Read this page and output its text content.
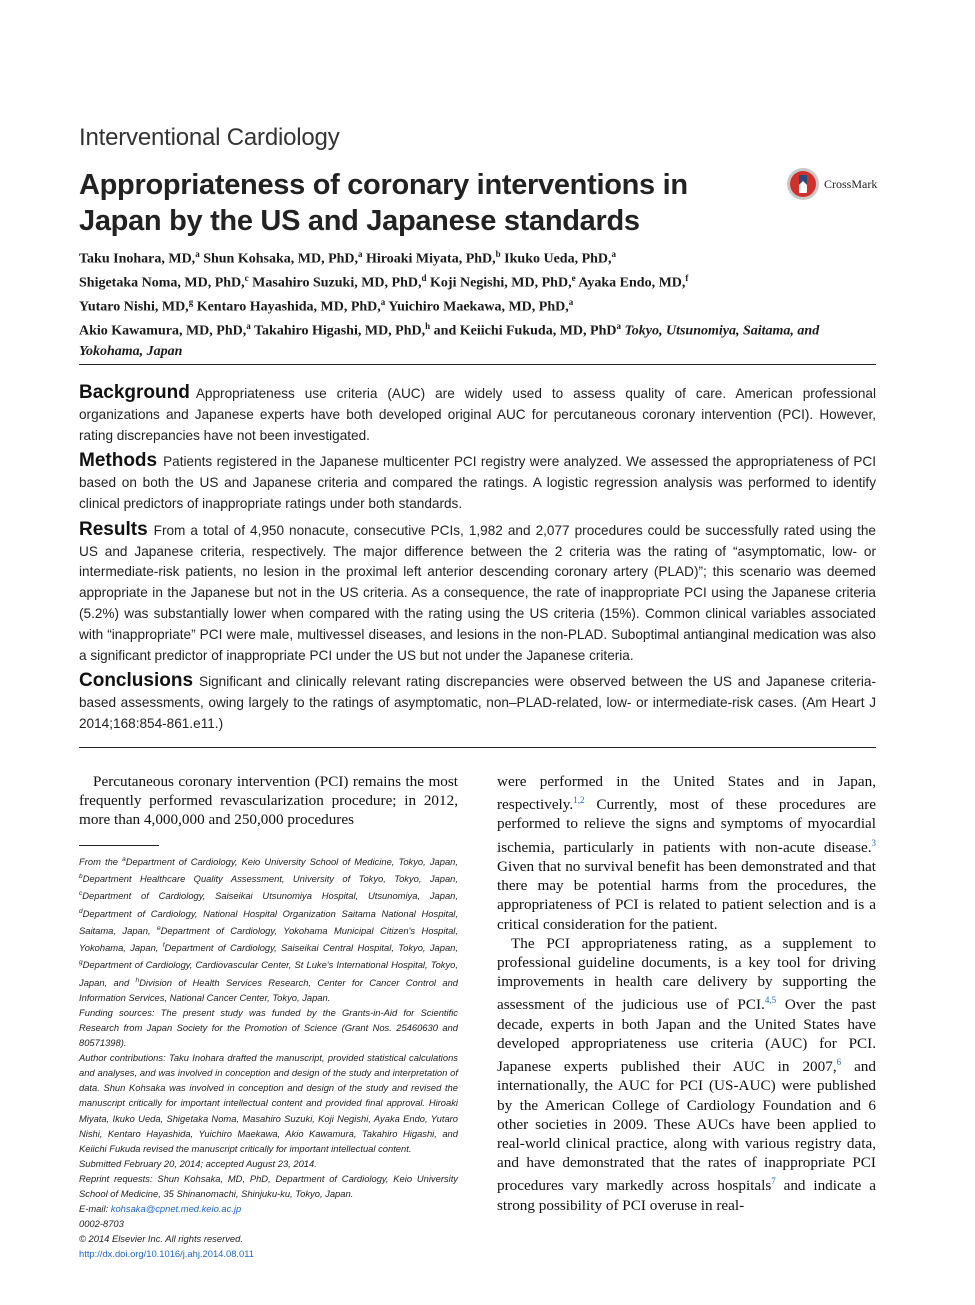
Interventional Cardiology
Appropriateness of coronary interventions in Japan by the US and Japanese standards
CrossMark
Taku Inohara, MD,$^a$ Shun Kohsaka, MD, PhD,$^a$ Hiroaki Miyata, PhD,$^b$ Ikuko Ueda, PhD,$^a$
Shigetaka Noma, MD, PhD,$^c$ Masahiro Suzuki, MD, PhD,$^d$ Koji Negishi, MD, PhD,$^e$ Ayaka Endo, MD,$^f$
Yutaro Nishi, MD,$^g$ Kentaro Hayashida, MD, PhD,$^a$ Yuichiro Maekawa, MD, PhD,$^a$
Akio Kawamura, MD, PhD,$^a$ Takahiro Higashi, MD, PhD,$^h$ and Keiichi Fukuda, MD, PhD$^a$ Tokyo, Utsunomiya, Saitama, and Yokohama, Japan

Background Appropriateness use criteria (AUC) are widely used to assess quality of care. American professional organizations and Japanese experts have both developed original AUC for percutaneous coronary intervention (PCI). However, rating discrepancies have not been investigated.

Methods Patients registered in the Japanese multicenter PCI registry were analyzed. We assessed the appropriateness of PCI based on both the US and Japanese criteria and compared the ratings. A logistic regression analysis was performed to identify clinical predictors of inappropriate ratings under both standards.

Results From a total of 4,950 nonacute, consecutive PCIs, 1,982 and 2,077 procedures could be successfully rated using the US and Japanese criteria, respectively. The major difference between the 2 criteria was the rating of “asymptomatic, low- or intermediate-risk patients, no lesion in the proximal left anterior descending coronary artery (PLAD)”; this scenario was deemed appropriate in the Japanese but not in the US criteria. As a consequence, the rate of inappropriate PCI using the Japanese criteria (5.2%) was substantially lower when compared with the rating using the US criteria (15%). Common clinical variables associated with “inappropriate” PCI were male, multivessel diseases, and lesions in the non-PLAD. Suboptimal antianginal medication was also a significant predictor of inappropriate PCI under the US but not under the Japanese criteria.

Conclusions Significant and clinically relevant rating discrepancies were observed between the US and Japanese criteria-based assessments, owing largely to the ratings of asymptomatic, non–PLAD-related, low- or intermediate-risk cases. (Am Heart J 2014;168:854-861.e11.)

Percutaneous coronary intervention (PCI) remains the most frequently performed revascularization procedure; in 2012, more than 4,000,000 and 250,000 procedures

From the $^a$Department of Cardiology, Keio University School of Medicine, Tokyo, Japan, $^b$Department Healthcare Quality Assessment, University of Tokyo, Tokyo, Japan, $^c$Department of Cardiology, Saiseikai Utsunomiya Hospital, Utsunomiya, Japan, $^d$Department of Cardiology, National Hospital Organization Saitama National Hospital, Saitama, Japan, $^e$Department of Cardiology, Yokohama Municipal Citizen's Hospital, Yokohama, Japan, $^f$Department of Cardiology, Saiseikai Central Hospital, Tokyo, Japan, $^g$Department of Cardiology, Cardiovascular Center, St Luke's International Hospital, Tokyo, Japan, and $^h$Division of Health Services Research, Center for Cancer Control and Information Services, National Cancer Center, Tokyo, Japan.

Funding sources: The present study was funded by the Grants-in-Aid for Scientific Research from Japan Society for the Promotion of Science (Grant Nos. 25460630 and 80571398).

Author contributions: Taku Inohara drafted the manuscript, provided statistical calculations and analyses, and was involved in conception and design of the study and interpretation of data. Shun Kohsaka was involved in conception and design of the study and revised the manuscript critically for important intellectual content and provided final approval. Hiroaki Miyata, Ikuko Ueda, Shigetaka Noma, Masahiro Suzuki, Koji Negishi, Ayaka Endo, Yutaro Nishi, Kentaro Hayashida, Yuichiro Maekawa, Akio Kawamura, Takahiro Higashi, and Keiichi Fukuda revised the manuscript critically for important intellectual content.

Submitted February 20, 2014; accepted August 23, 2014.

Reprint requests: Shun Kohsaka, MD, PhD, Department of Cardiology, Keio University School of Medicine, 35 Shinanomachi, Shinjuku-ku, Tokyo, Japan.

E-mail: kohsaka@cpnet.med.keio.ac.jp

0002-8703

© 2014 Elsevier Inc. All rights reserved.

http://dx.doi.org/10.1016/j.ahj.2014.08.011

were performed in the United States and in Japan, respectively.$^{1,2}$ Currently, most of these procedures are performed to relieve the signs and symptoms of myocardial ischemia, particularly in patients with non-acute disease.$^3$ Given that no survival benefit has been demonstrated and that there may be potential harms from the procedures, the appropriateness of PCI is related to patient selection and is a critical consideration for the patient.

The PCI appropriateness rating, as a supplement to professional guideline documents, is a key tool for driving improvements in health care delivery by supporting the assessment of the judicious use of PCI.$^{4,5}$ Over the past decade, experts in both Japan and the United States have developed appropriateness use criteria (AUC) for PCI. Japanese experts published their AUC in 2007,$^6$ and internationally, the AUC for PCI (US-AUC) were published by the American College of Cardiology Foundation and 6 other societies in 2009. These AUCs have been applied to real-world clinical practice, along with various registry data, and have demonstrated that the rates of inappropriate PCI procedures vary markedly across hospitals$^7$ and indicate a strong possibility of PCI overuse in real-
